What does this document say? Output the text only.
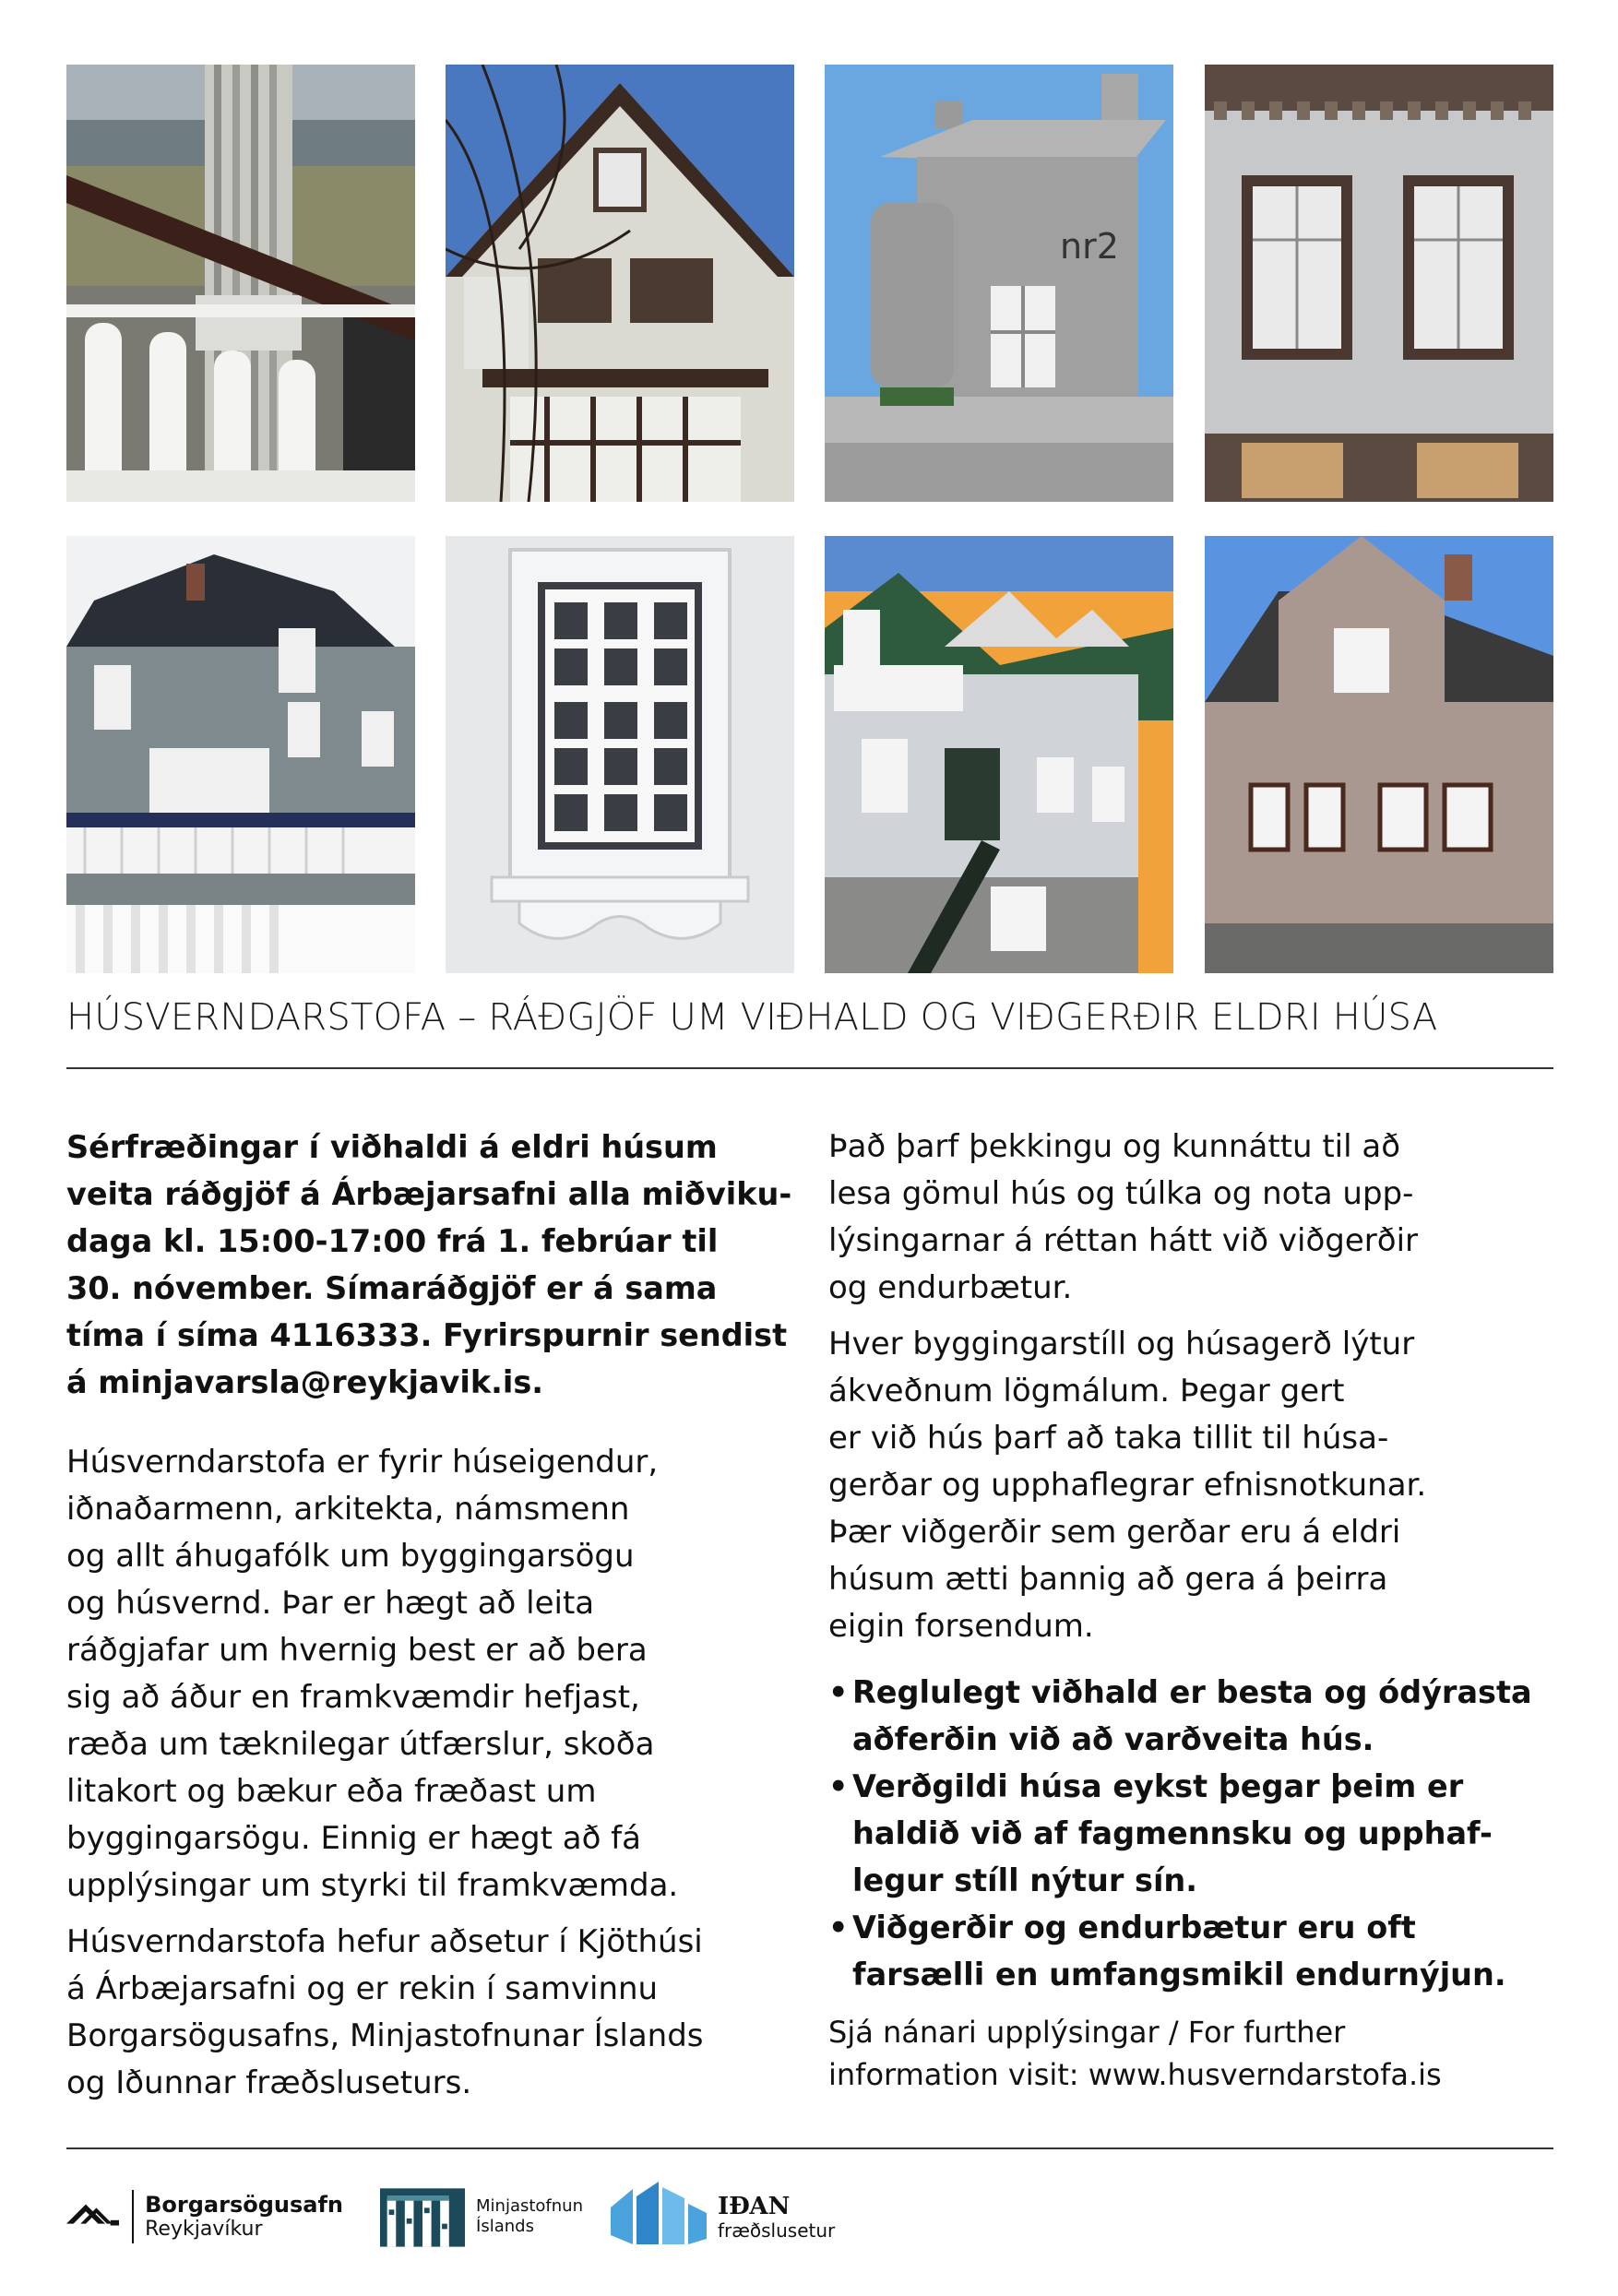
nr2
HÚSVERNDARSTOFA – RÁÐGJÖF UM VIÐHALD OG VIÐGERÐIR ELDRI HÚSA

Sérfræðingar í viðhaldi á eldri húsum
veita ráðgjöf á Árbæjarsafni alla miðviku-
daga kl. 15:00-17:00 frá 1. febrúar til
30. nóvember. Símaráðgjöf er á sama
tíma í síma 4116333. Fyrirspurnir sendist
á minjavarsla@reykjavik.is.

Húsverndarstofa er fyrir húseigendur,
iðnaðarmenn, arkitekta, námsmenn
og allt áhugafólk um byggingarsögu
og húsvernd. Þar er hægt að leita
ráðgjafar um hvernig best er að bera
sig að áður en framkvæmdir hefjast,
ræða um tæknilegar útfærslur, skoða
litakort og bækur eða fræðast um
byggingarsögu. Einnig er hægt að fá
upplýsingar um styrki til framkvæmda.

Húsverndarstofa hefur aðsetur í Kjöthúsi
á Árbæjarsafni og er rekin í samvinnu
Borgarsögusafns, Minjastofnunar Íslands
og Iðunnar fræðsluseturs.

Það þarf þekkingu og kunnáttu til að
lesa gömul hús og túlka og nota upp-
lýsingarnar á réttan hátt við viðgerðir
og endurbætur.

Hver byggingarstíll og húsagerð lýtur
ákveðnum lögmálum. Þegar gert
er við hús þarf að taka tillit til húsa-
gerðar og upphaflegrar efnisnotkunar.
Þær viðgerðir sem gerðar eru á eldri
húsum ætti þannig að gera á þeirra
eigin forsendum.

• Reglulegt viðhald er besta og ódýrasta
aðferðin við að varðveita hús.
• Verðgildi húsa eykst þegar þeim er
haldið við af fagmennsku og upphaf-
legur stíll nýtur sín.
• Viðgerðir og endurbætur eru oft
farsælli en umfangsmikil endurnýjun.

Sjá nánari upplýsingar / For further
information visit: www.husverndarstofa.is

Borgarsögusafn
Reykjavíkur
Minjastofnun
Íslands
IÐAN
fræðslusetur
